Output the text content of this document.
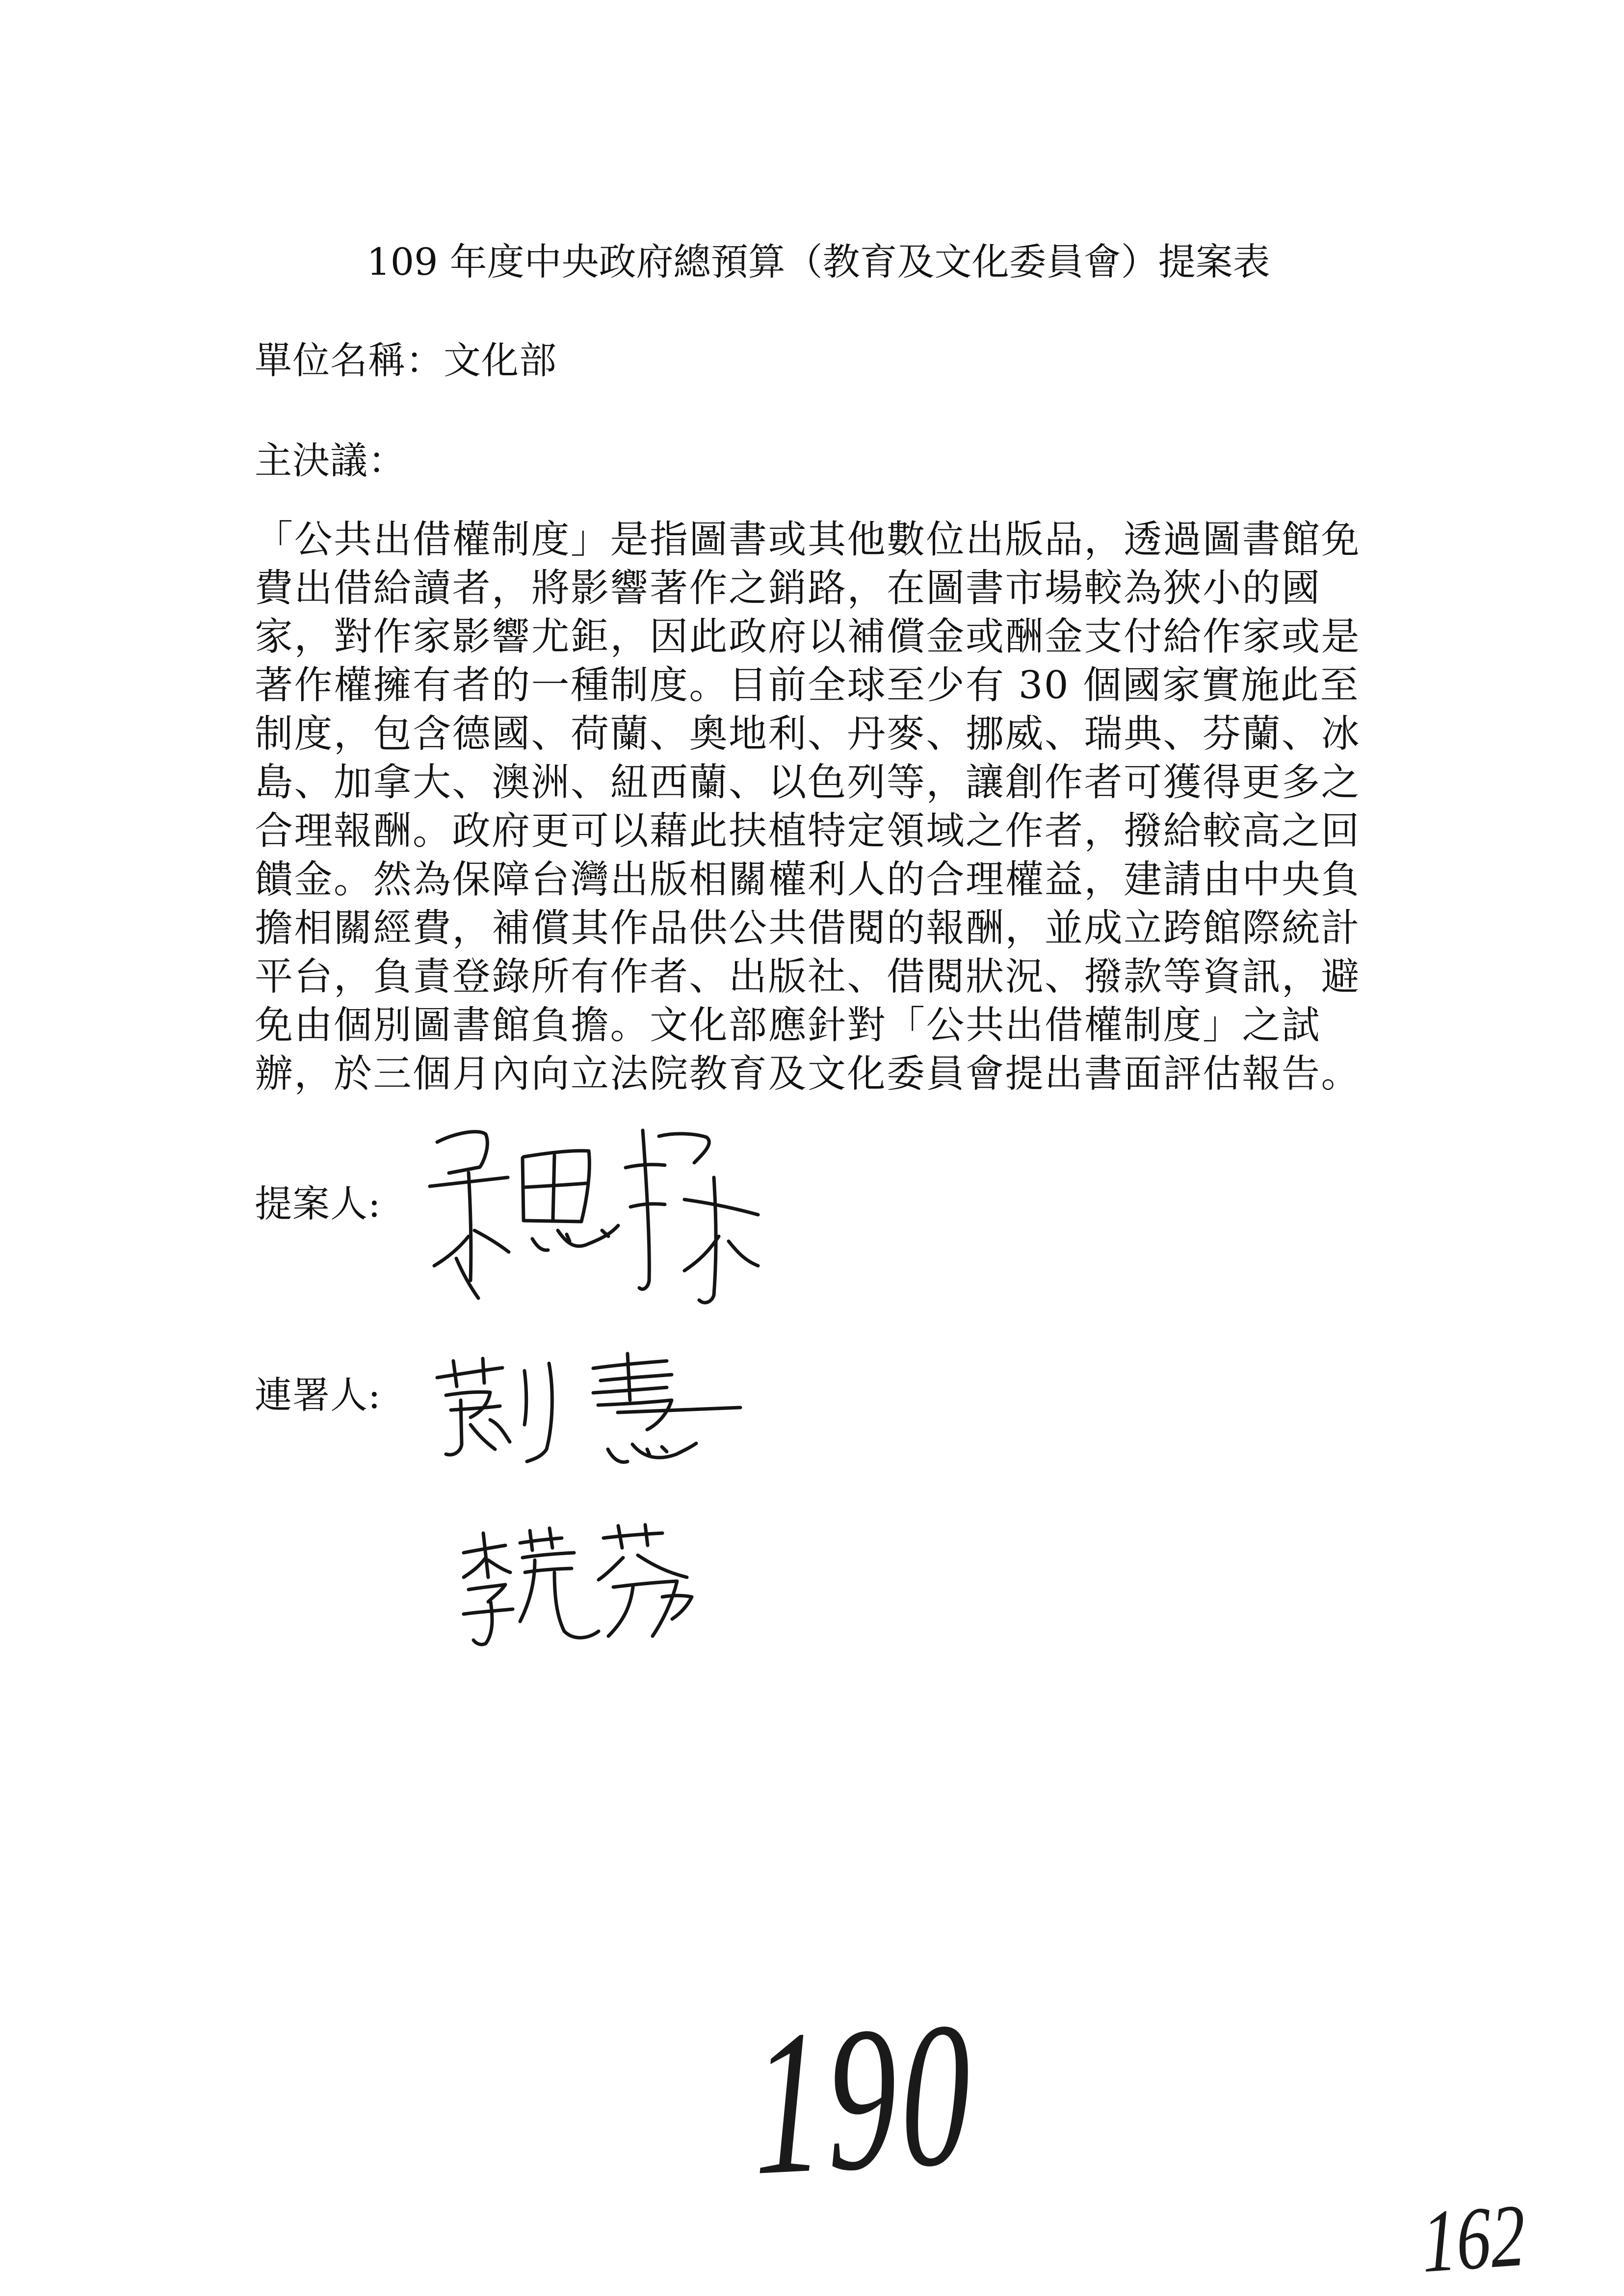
109 年度中央政府總預算（教育及文化委員會）提案表
單位名稱：文化部
主決議：
「公共出借權制度」是指圖書或其他數位出版品，透過圖書館免
費出借給讀者，將影響著作之銷路，在圖書市場較為狹小的國
家，對作家影響尤鉅，因此政府以補償金或酬金支付給作家或是
著作權擁有者的一種制度。目前全球至少有 30 個國家實施此至
制度，包含德國、荷蘭、奧地利、丹麥、挪威、瑞典、芬蘭、冰
島、加拿大、澳洲、紐西蘭、以色列等，讓創作者可獲得更多之
合理報酬。政府更可以藉此扶植特定領域之作者，撥給較高之回
饋金。然為保障台灣出版相關權利人的合理權益，建請由中央負
擔相關經費，補償其作品供公共借閱的報酬，並成立跨館際統計
平台，負責登錄所有作者、出版社、借閱狀況、撥款等資訊，避
免由個別圖書館負擔。文化部應針對「公共出借權制度」之試
辦，於三個月內向立法院教育及文化委員會提出書面評估報告。
提案人:
連署人:
190
162
